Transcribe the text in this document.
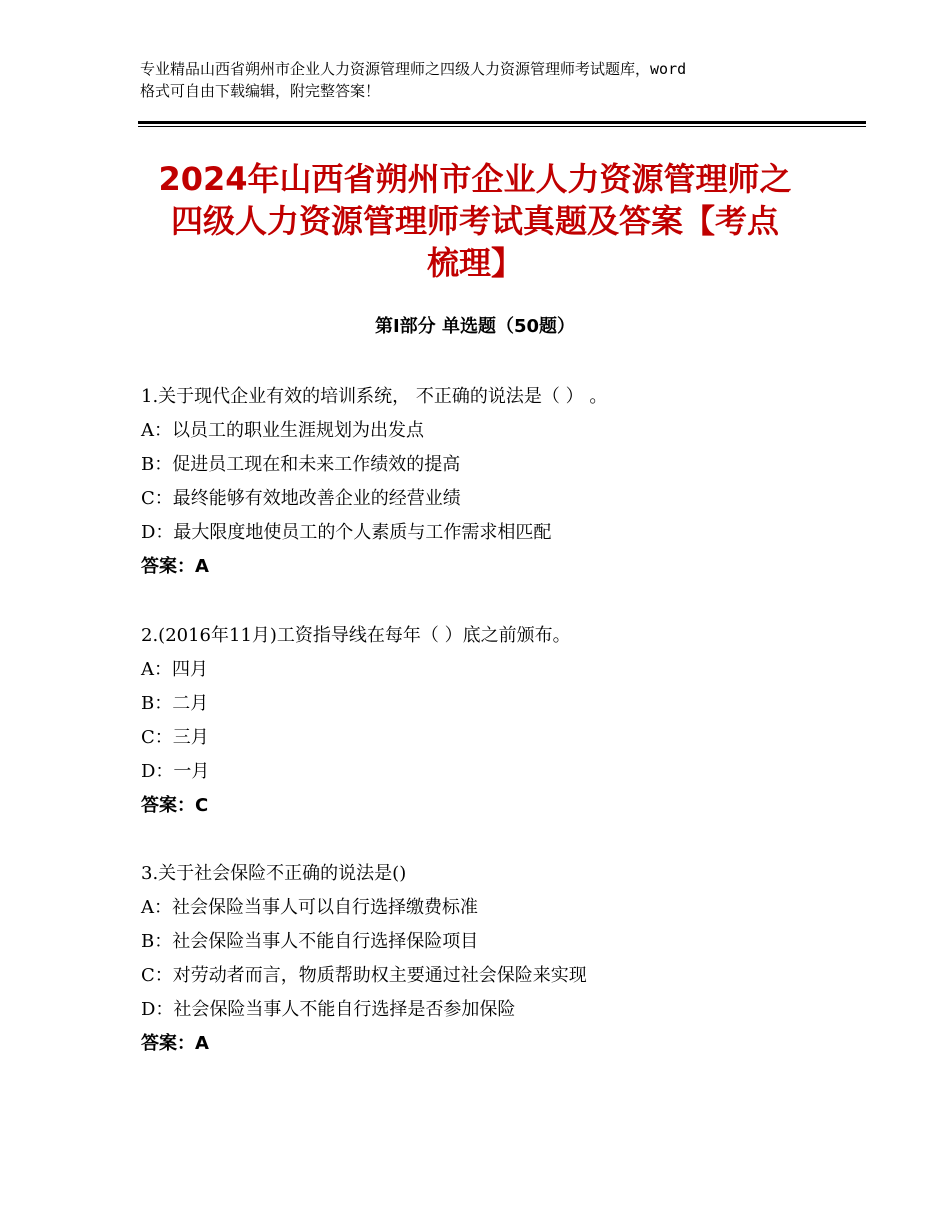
专业精品山西省朔州市企业人力资源管理师之四级人力资源管理师考试题库，word
格式可自由下载编辑，附完整答案！
2024年山西省朔州市企业人力资源管理师之
四级人力资源管理师考试真题及答案【考点
梳理】
第Ⅰ部分 单选题（50题）
1.关于现代企业有效的培训系统， 不正确的说法是（ ） 。
A：以员工的职业生涯规划为出发点
B：促进员工现在和未来工作绩效的提高
C：最终能够有效地改善企业的经营业绩
D：最大限度地使员工的个人素质与工作需求相匹配
答案：A
2.(2016年11月)工资指导线在每年（ ）底之前颁布。
A：四月
B：二月
C：三月
D：一月
答案：C
3.关于社会保险不正确的说法是()
A：社会保险当事人可以自行选择缴费标准
B：社会保险当事人不能自行选择保险项目
C：对劳动者而言，物质帮助权主要通过社会保险来实现
D：社会保险当事人不能自行选择是否参加保险
答案：A
